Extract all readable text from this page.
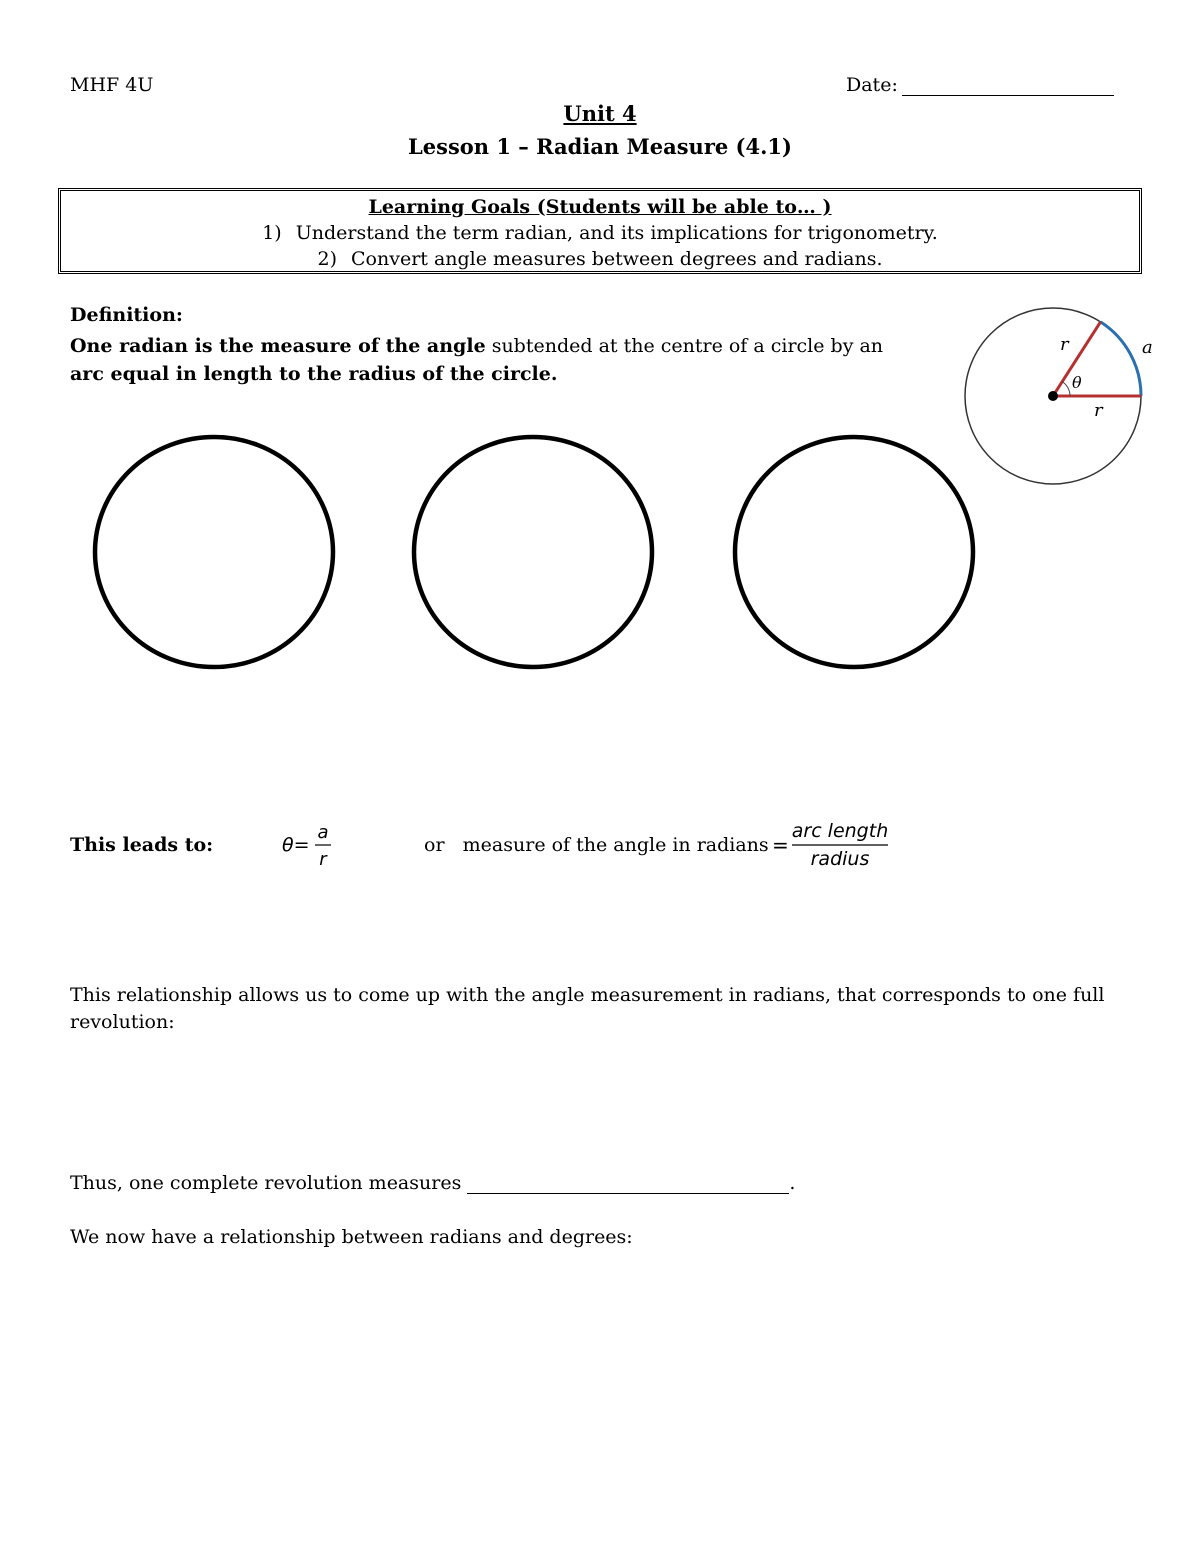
MHF 4U	Date:
Unit 4
Lesson 1 – Radian Measure (4.1)
Learning Goals (Students will be able to… )
1) Understand the term radian, and its implications for trigonometry.
2) Convert angle measures between degrees and radians.
Definition:
One radian is the measure of the angle subtended at the centre of a circle by an arc equal in length to the radius of the circle.
r
r
a
θ
This leads to:	θ=
a
r
or measure of the angle in radians =
arc length
radius
This relationship allows us to come up with the angle measurement in radians, that corresponds to one full revolution:
Thus, one complete revolution measures	.
We now have a relationship between radians and degrees:
